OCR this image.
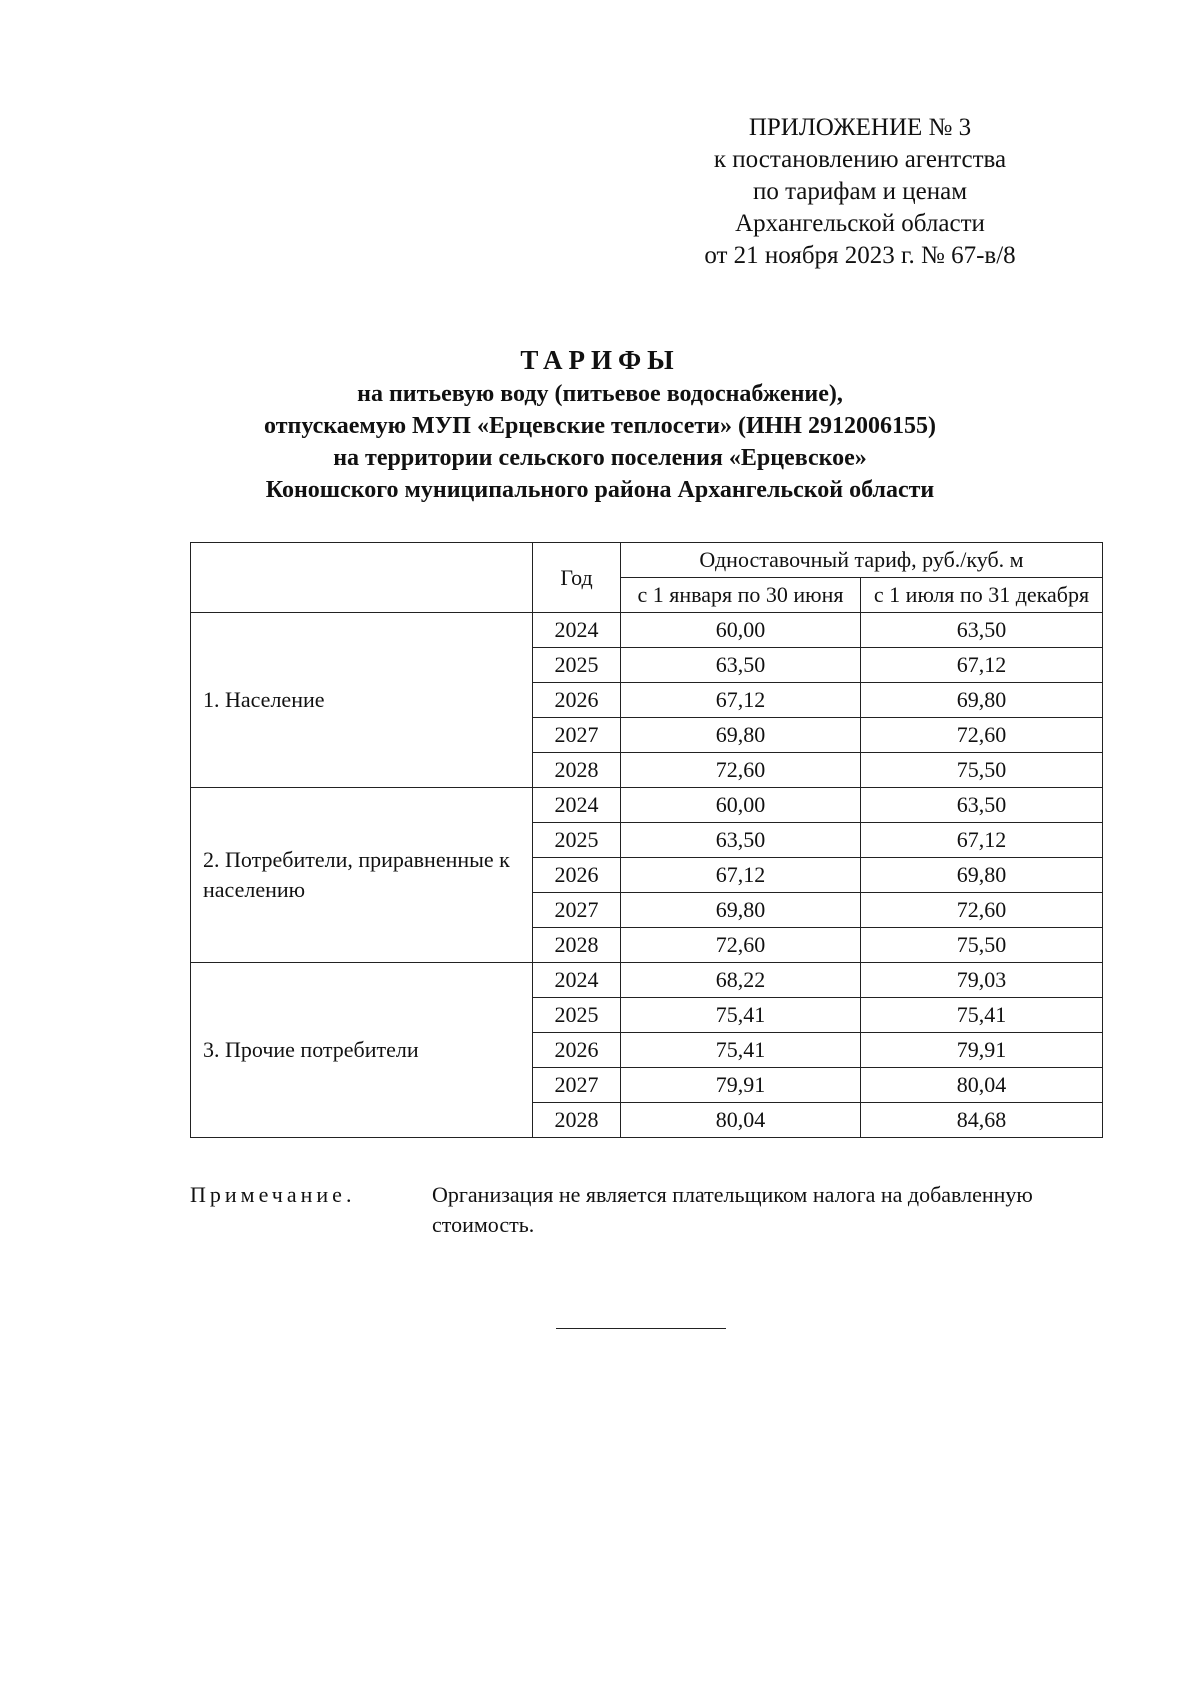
ПРИЛОЖЕНИЕ № 3
к постановлению агентства
по тарифам и ценам
Архангельской области
от 21 ноября 2023 г. № 67-в/8
ТАРИФЫ
на питьевую воду (питьевое водоснабжение),
отпускаемую МУП «Ерцевские теплосети» (ИНН 2912006155)
на территории сельского поселения «Ерцевское»
Коношского муниципального района Архангельской области
	Год	Одноставочный тариф, руб./куб. м	
		с 1 января по 30 июня	с 1 июля по 31 декабря
1. Население	2024	60,00	63,50
	2025	63,50	67,12
	2026	67,12	69,80
	2027	69,80	72,60
	2028	72,60	75,50
2. Потребители, приравненные к населению	2024	60,00	63,50
	2025	63,50	67,12
	2026	67,12	69,80
	2027	69,80	72,60
	2028	72,60	75,50
3. Прочие потребители	2024	68,22	79,03
	2025	75,41	75,41
	2026	75,41	79,91
	2027	79,91	80,04
	2028	80,04	84,68
Примечание.	Организация не является плательщиком налога на добавленную стоимость.
